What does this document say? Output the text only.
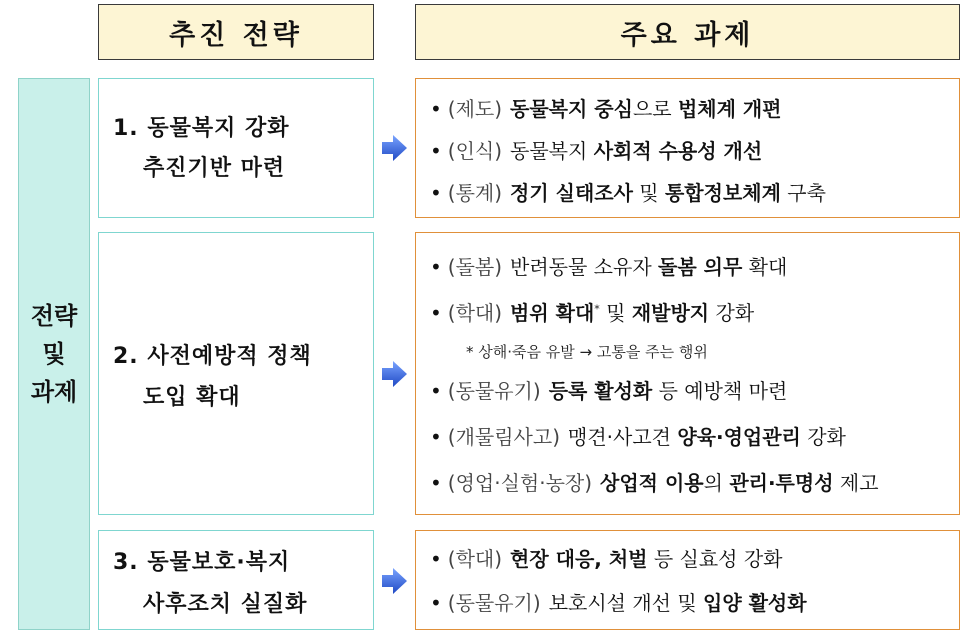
추진 전략	주요 과제
전략
및
과제
1. 동물복지 강화
추진기반 마련
2. 사전예방적 정책
도입 확대
3. 동물보호·복지
사후조치 실질화
• (제도) 동물복지 중심으로 법체계 개편
• (인식) 동물복지 사회적 수용성 개선
• (통계) 정기 실태조사 및 통합정보체계 구축
• (돌봄) 반려동물 소유자 돌봄 의무 확대
• (학대) 범위 확대* 및 재발방지 강화
* 상해·죽음 유발 → 고통을 주는 행위
• (동물유기) 등록 활성화 등 예방책 마련
• (개물림사고) 맹견·사고견 양육·영업관리 강화
• (영업·실험·농장) 상업적 이용의 관리·투명성 제고
• (학대) 현장 대응, 처벌 등 실효성 강화
• (동물유기) 보호시설 개선 및 입양 활성화
